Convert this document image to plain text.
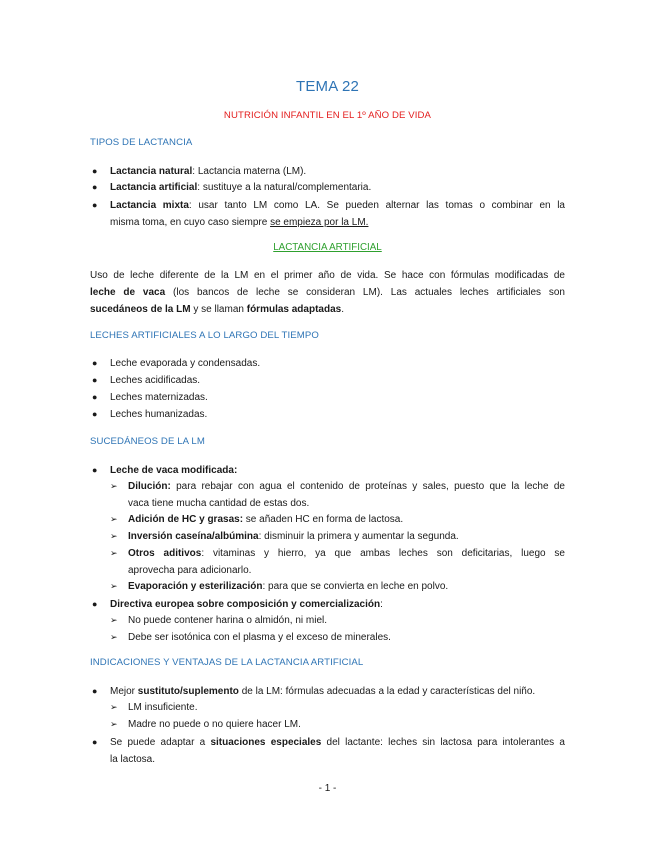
TEMA 22
NUTRICIÓN INFANTIL EN EL 1º AÑO DE VIDA
TIPOS DE LACTANCIA
● Lactancia natural: Lactancia materna (LM).
● Lactancia artificial: sustituye a la natural/complementaria.
● Lactancia mixta: usar tanto LM como LA. Se pueden alternar las tomas o combinar en la
misma toma, en cuyo caso siempre se empieza por la LM.
LACTANCIA ARTIFICIAL
Uso de leche diferente de la LM en el primer año de vida. Se hace con fórmulas modificadas de
leche de vaca (los bancos de leche se consideran LM). Las actuales leches artificiales son
sucedáneos de la LM y se llaman fórmulas adaptadas.
LECHES ARTIFICIALES A LO LARGO DEL TIEMPO
● Leche evaporada y condensadas.
● Leches acidificadas.
● Leches maternizadas.
● Leches humanizadas.
SUCEDÁNEOS DE LA LM
● Leche de vaca modificada:
➢ Dilución: para rebajar con agua el contenido de proteínas y sales, puesto que la leche de
vaca tiene mucha cantidad de estas dos.
➢ Adición de HC y grasas: se añaden HC en forma de lactosa.
➢ Inversión caseína/albúmina: disminuir la primera y aumentar la segunda.
➢ Otros aditivos: vitaminas y hierro, ya que ambas leches son deficitarias, luego se
aprovecha para adicionarlo.
➢ Evaporación y esterilización: para que se convierta en leche en polvo.
● Directiva europea sobre composición y comercialización:
➢ No puede contener harina o almidón, ni miel.
➢ Debe ser isotónica con el plasma y el exceso de minerales.
INDICACIONES Y VENTAJAS DE LA LACTANCIA ARTIFICIAL
● Mejor sustituto/suplemento de la LM: fórmulas adecuadas a la edad y características del niño.
➢ LM insuficiente.
➢ Madre no puede o no quiere hacer LM.
● Se puede adaptar a situaciones especiales del lactante: leches sin lactosa para intolerantes a
la lactosa.
- 1 -
